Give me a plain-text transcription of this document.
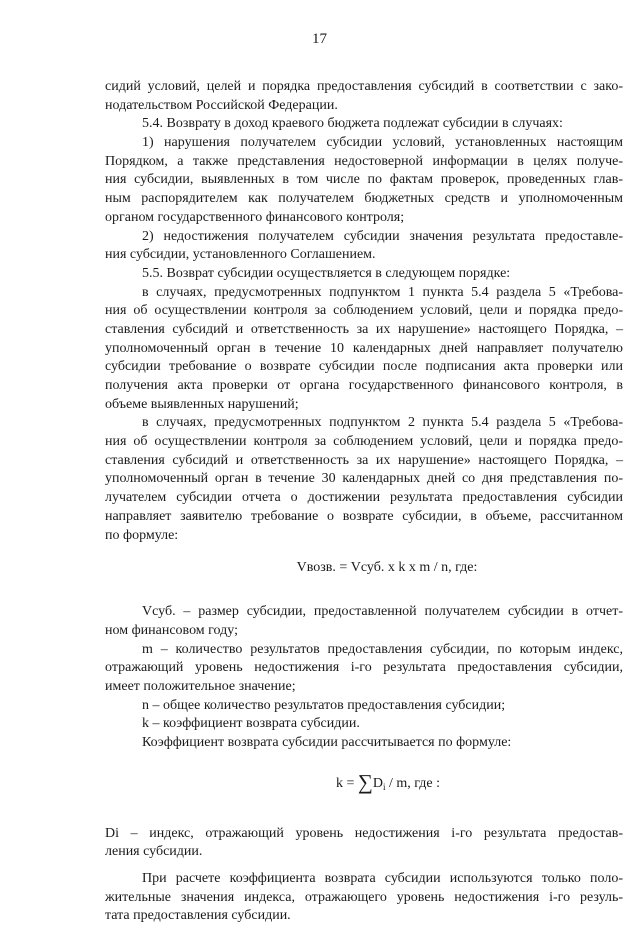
17
сидий условий, целей и порядка предоставления субсидий в соответствии с зако-
нодательством Российской Федерации.
5.4. Возврату в доход краевого бюджета подлежат субсидии в случаях:
1) нарушения получателем субсидии условий, установленных настоящим
Порядком, а также представления недостоверной информации в целях получе-
ния субсидии, выявленных в том числе по фактам проверок, проведенных глав-
ным распорядителем как получателем бюджетных средств и уполномоченным
органом государственного финансового контроля;
2) недостижения получателем субсидии значения результата предоставле-
ния субсидии, установленного Соглашением.
5.5. Возврат субсидии осуществляется в следующем порядке:
в случаях, предусмотренных подпунктом 1 пункта 5.4 раздела 5 «Требова-
ния об осуществлении контроля за соблюдением условий, цели и порядка предо-
ставления субсидий и ответственность за их нарушение» настоящего Порядка, –
уполномоченный орган в течение 10 календарных дней направляет получателю
субсидии требование о возврате субсидии после подписания акта проверки или
получения акта проверки от органа государственного финансового контроля, в
объеме выявленных нарушений;
в случаях, предусмотренных подпунктом 2 пункта 5.4 раздела 5 «Требова-
ния об осуществлении контроля за соблюдением условий, цели и порядка предо-
ставления субсидий и ответственность за их нарушение» настоящего Порядка, –
уполномоченный орган в течение 30 календарных дней со дня представления по-
лучателем субсидии отчета о достижении результата предоставления субсидии
направляет заявителю требование о возврате субсидии, в объеме, рассчитанном
по формуле:
Vвозв. = Vсуб. x k x m / n, где:
Vсуб. – размер субсидии, предоставленной получателем субсидии в отчет-
ном финансовом году;
m – количество результатов предоставления субсидии, по которым индекс,
отражающий уровень недостижения i-го результата предоставления субсидии,
имеет положительное значение;
n – общее количество результатов предоставления субсидии;
k – коэффициент возврата субсидии.
Коэффициент возврата субсидии рассчитывается по формуле:
$k = \sum D_i / m$, где :
Di – индекс, отражающий уровень недостижения i-го результата предостав-
ления субсидии.
При расчете коэффициента возврата субсидии используются только поло-
жительные значения индекса, отражающего уровень недостижения i-го резуль-
тата предоставления субсидии.
